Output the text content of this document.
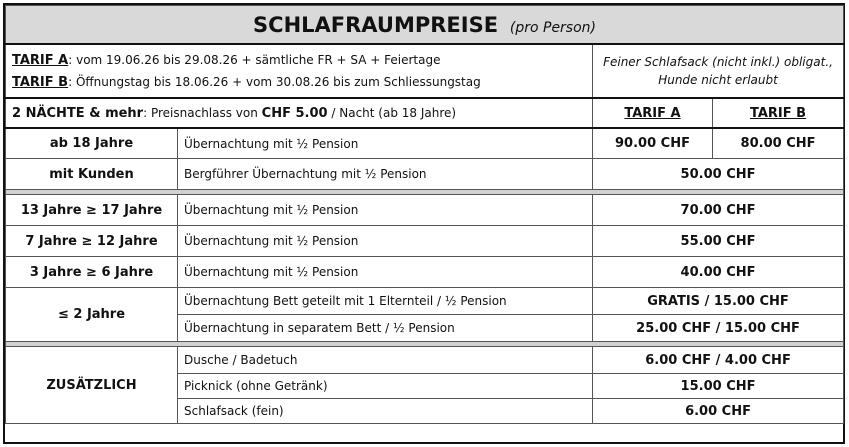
SCHLAFRAUMPREISE (pro Person)			
TARIF A: vom 19.06.26 bis 29.08.26 + sämtliche FR + SA + Feiertage		Feiner Schlafsack (nicht inkl.) obligat.,
Hunde nicht erlaubt	

TARIF B: Öffnungstag bis 18.06.26 + vom 30.08.26 bis zum Schliessungstag			
2 NÄCHTE & mehr: Preisnachlass von CHF 5.00 / Nacht (ab 18 Jahre)		TARIF A	TARIF B
ab 18 Jahre	Übernachtung mit ½ Pension	90.00 CHF	80.00 CHF
mit Kunden	Bergführer Übernachtung mit ½ Pension	50.00 CHF	

13 Jahre ≥ 17 Jahre	Übernachtung mit ½ Pension	70.00 CHF	
7 Jahre ≥ 12 Jahre	Übernachtung mit ½ Pension	55.00 CHF	
3 Jahre ≥ 6 Jahre	Übernachtung mit ½ Pension	40.00 CHF	
≤ 2 Jahre	Übernachtung Bett geteilt mit 1 Elternteil / ½ Pension	GRATIS / 15.00 CHF	
	Übernachtung in separatem Bett / ½ Pension	25.00 CHF / 15.00 CHF	

ZUSÄTZLICH	Dusche / Badetuch	6.00 CHF / 4.00 CHF	
	Picknick (ohne Getränk)	15.00 CHF	
	Schlafsack (fein)	6.00 CHF	
